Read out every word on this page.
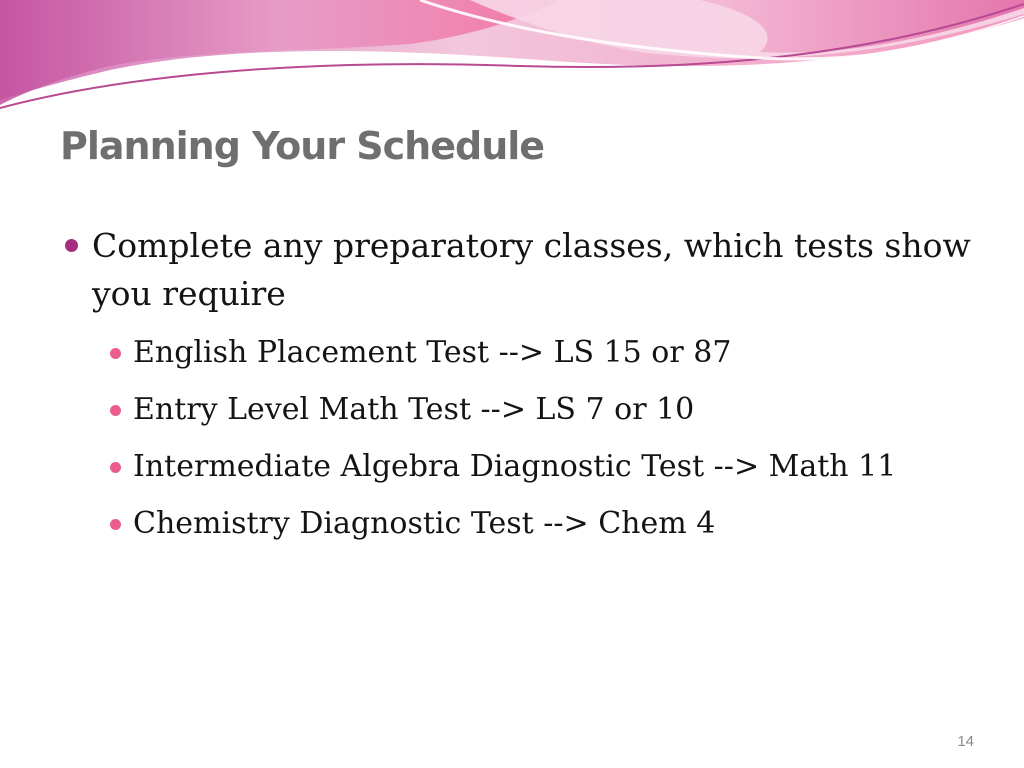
Planning Your Schedule
Complete any preparatory classes, which tests show you require
English Placement Test --> LS 15 or 87
Entry Level Math Test --> LS 7 or 10
Intermediate Algebra Diagnostic Test --> Math 11
Chemistry Diagnostic Test --> Chem 4
14
